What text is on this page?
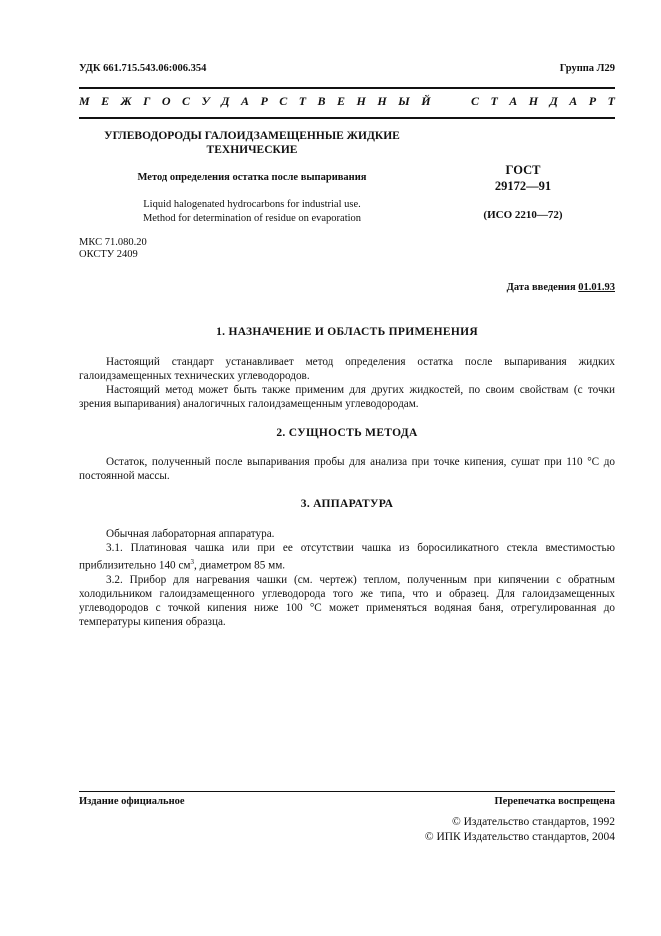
УДК 661.715.543.06:006.354	Группа Л29
М Е Ж Г О С У Д А Р С Т В Е Н Н Ы Й

	С Т А Н Д А Р Т
УГЛЕВОДОРОДЫ ГАЛОИДЗАМЕЩЕННЫЕ ЖИДКИЕ
ТЕХНИЧЕСКИЕ
Метод определения остатка после выпаривания
Liquid halogenated hydrocarbons for industrial use.
Method for determination of residue on evaporation
ГОСТ
29172—91
(ИСО 2210—72)
МКС 71.080.20
ОКСТУ 2409
Дата введения 01.01.93
1. НАЗНАЧЕНИЕ И ОБЛАСТЬ ПРИМЕНЕНИЯ

Настоящий стандарт устанавливает метод определения остатка после выпаривания жидких галоидзамещенных технических углеводородов.

Настоящий метод может быть также применим для других жидкостей, по своим свойствам (с точки зрения выпаривания) аналогичных галоидзамещенным углеводородам.

2. СУЩНОСТЬ МЕТОДА

Остаток, полученный после выпаривания пробы для анализа при точке кипения, сушат при 110 °С до постоянной массы.

3. АППАРАТУРА

Обычная лабораторная аппаратура.

3.1. Платиновая чашка или при ее отсутствии чашка из боросиликатного стекла вместимостью приблизительно 140 $см^3$, диаметром 85 мм.

3.2. Прибор для нагревания чашки (см. чертеж) теплом, полученным при кипячении с обратным холодильником галоидзамещенного углеводорода того же типа, что и образец. Для галоидзамещенных углеводородов с точкой кипения ниже 100 °С может применяться водяная баня, отрегулированная до температуры кипения образца.

Издание официальное	Перепечатка воспрещена
© Издательство стандартов, 1992
© ИПК Издательство стандартов, 2004
